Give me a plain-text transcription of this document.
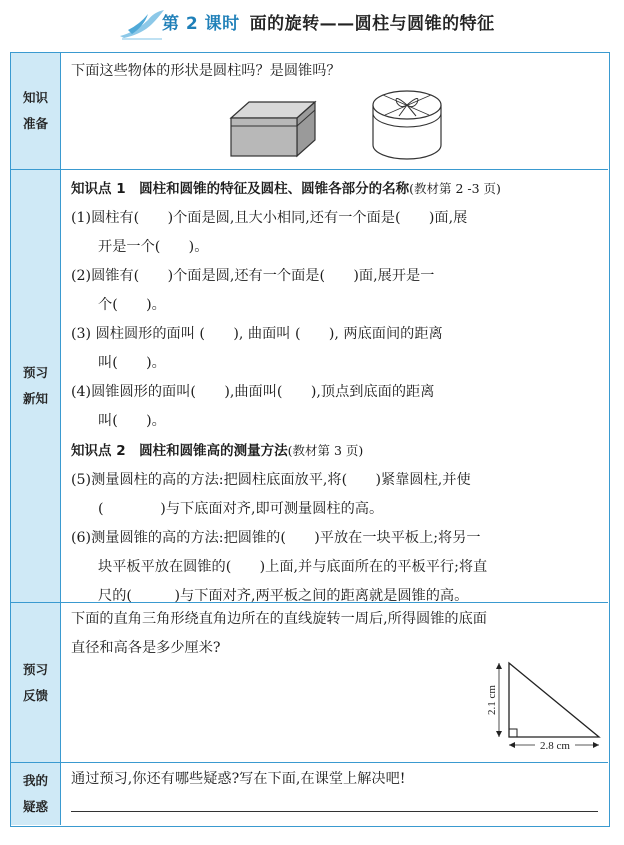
第 2 课时 面的旋转——圆柱与圆锥的特征
知识
准备
下面这些物体的形状是圆柱吗？是圆锥吗？
预习
新知
知识点 1　圆柱和圆锥的特征及圆柱、圆锥各部分的名称(教材第 2 -3 页)
(1)圆柱有(　　)个面是圆,且大小相同,还有一个面是(　　)面,展
开是一个(　　)。
(2)圆锥有(　　)个面是圆,还有一个面是(　　)面,展开是一
个(　　)。
(3) 圆柱圆形的面叫 (　　), 曲面叫 (　　), 两底面间的距离
叫(　　)。
(4)圆锥圆形的面叫(　　),曲面叫(　　),顶点到底面的距离
叫(　　)。
知识点 2　圆柱和圆锥高的测量方法(教材第 3 页)
(5)测量圆柱的高的方法:把圆柱底面放平,将(　　)紧靠圆柱,并使
(　　　　)与下底面对齐,即可测量圆柱的高。
(6)测量圆锥的高的方法:把圆锥的(　　)平放在一块平板上;将另一
块平板平放在圆锥的(　　)上面,并与底面所在的平板平行;将直
尺的(　　　)与下面对齐,两平板之间的距离就是圆锥的高。
预习
反馈
下面的直角三角形绕直角边所在的直线旋转一周后,所得圆锥的底面
直径和高各是多少厘米?
2.1 cm
2.8 cm
我的
疑惑
通过预习,你还有哪些疑惑?写在下面,在课堂上解决吧!
